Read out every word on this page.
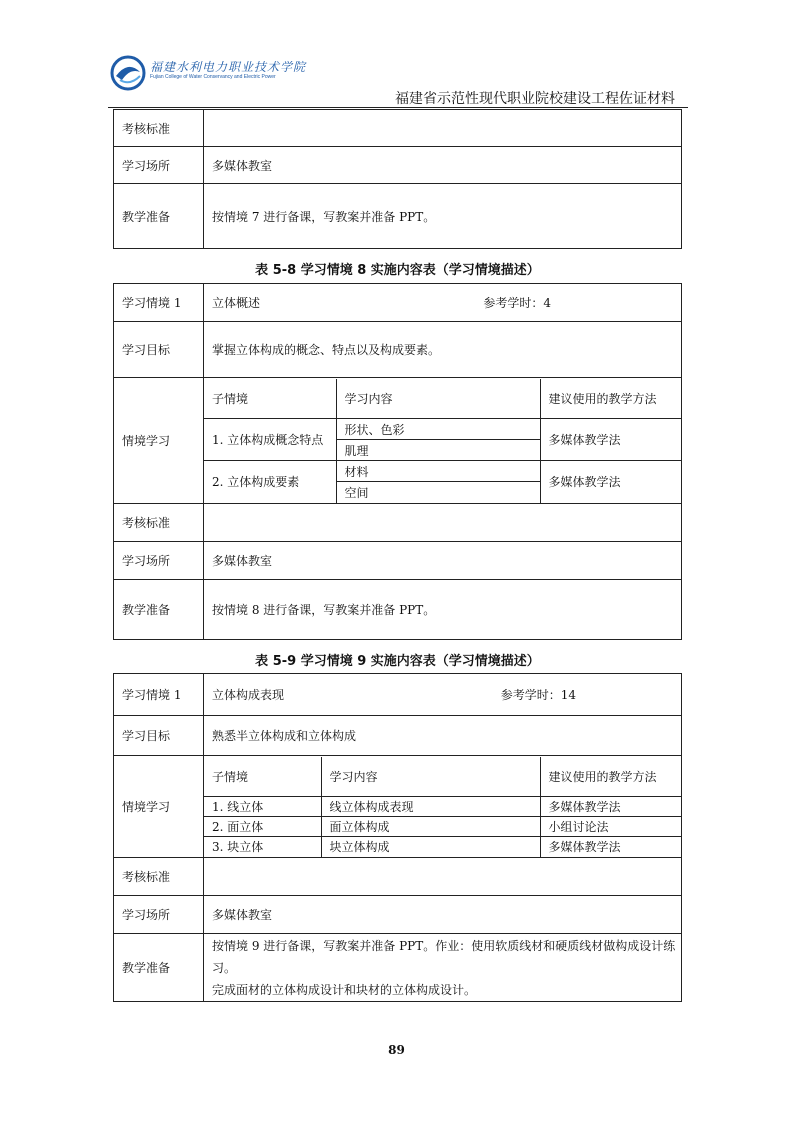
福建水利电力职业技术学院
Fujian College of Water Conservancy and Electric Power
福建省示范性现代职业院校建设工程佐证材料
考核标准	
学习场所	多媒体教室
教学准备	按情境 7 进行备课，写教案并准备 PPT。
表 5-8 学习情境 8 实施内容表（学习情境描述）
学习情境 1	立体概述	参考学时：4

学习目标	掌握立体构成的概念、特点以及构成要素。
情境学习	
子情境	学习内容	建议使用的教学方法
1. 立体构成概念特点	形状、色彩	多媒体教学法
肌理
2. 立体构成要素	材料	多媒体教学法
空间

考核标准	
学习场所	多媒体教室
教学准备	按情境 8 进行备课，写教案并准备 PPT。
表 5-9 学习情境 9 实施内容表（学习情境描述）
学习情境 1	立体构成表现	参考学时：14

学习目标	熟悉半立体构成和立体构成
情境学习	
子情境	学习内容	建议使用的教学方法
1. 线立体	线立体构成表现	多媒体教学法
2. 面立体	面立体构成	小组讨论法
3. 块立体	块立体构成	多媒体教学法

考核标准	
学习场所	多媒体教室
教学准备	
按情境 9 进行备课，写教案并准备 PPT。作业：使用软质线材和硬质线材做构成设计练习。
完成面材的立体构成设计和块材的立体构成设计。
89
